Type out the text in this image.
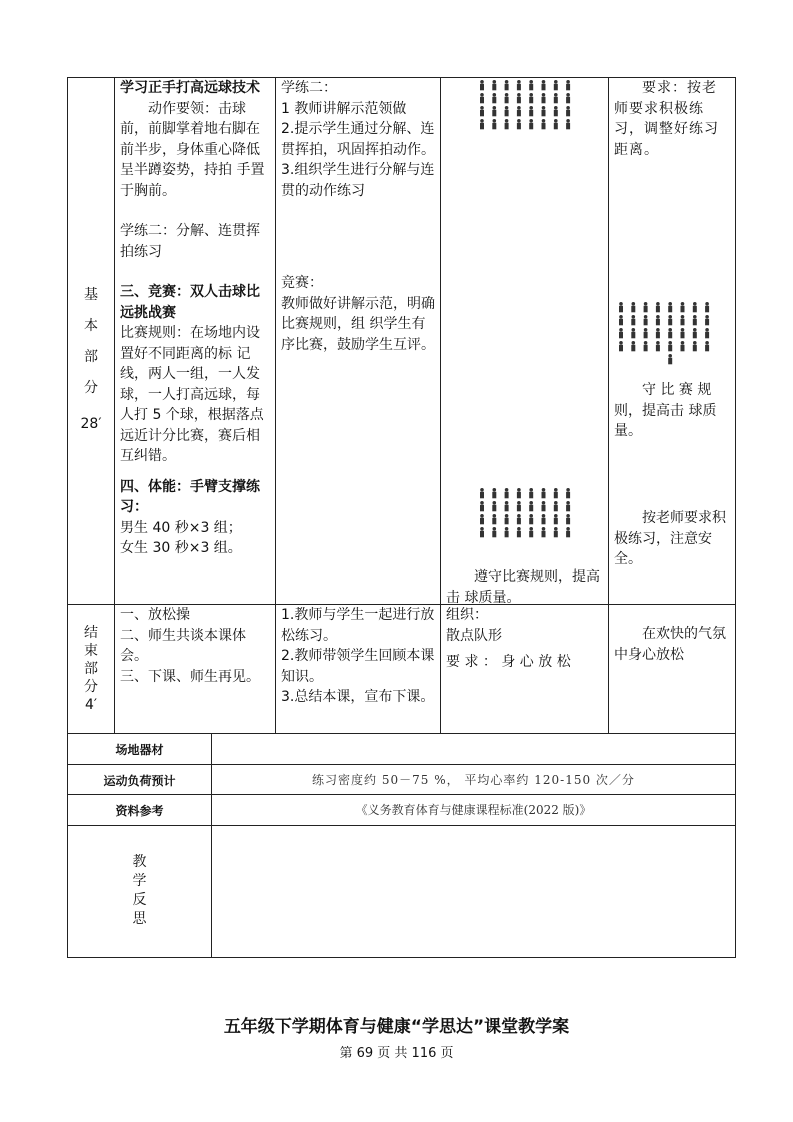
基
本
部
分
28′
学习正手打高远球技术
动作要领：击球前，前脚掌着地右脚在前半步，身体重心降低呈半蹲姿势，持拍 手置于胸前。
学练二：分解、连贯挥拍练习
三、竞赛：双人击球比远挑战赛
比赛规则：在场地内设置好不同距离的标 记线，两人一组，一人发球，一人打高远球，每人打 5 个球，根据落点远近计分比赛，赛后相互纠错。
四、体能：手臂支撑练习：
男生 40 秒×3 组；
女生 30 秒×3 组。
学练二：
1 教师讲解示范领做
2.提示学生通过分解、连贯挥拍，巩固挥拍动作。
3.组织学生进行分解与连贯的动作练习
竞赛：
教师做好讲解示范，明确比赛规则，组 织学生有序比赛，鼓励学生互评。
遵守比赛规则，提高击 球质量。
要求：按老师要求积极练习，调整好练习距离。
守 比 赛 规则，提高击 球质量。
按老师要求积极练习，注意安全。
结
束
部
分
4′
一、放松操
二、师生共谈本课体会。
三、下课、师生再见。
1.教师与学生一起进行放松练习。
2.教师带领学生回顾本课知识。
3.总结本课，宣布下课。
组织：
散点队形
要 求 ： 身 心 放 松
在欢快的气氛中身心放松
场地器材
运动负荷预计	练习密度约 50－75 %， 平均心率约 120-150 次／分
资料参考	《义务教育体育与健康课程标准(2022 版)》
教
学
反
思
五年级下学期体育与健康“学思达”课堂教学案
第 69 页 共 116 页
